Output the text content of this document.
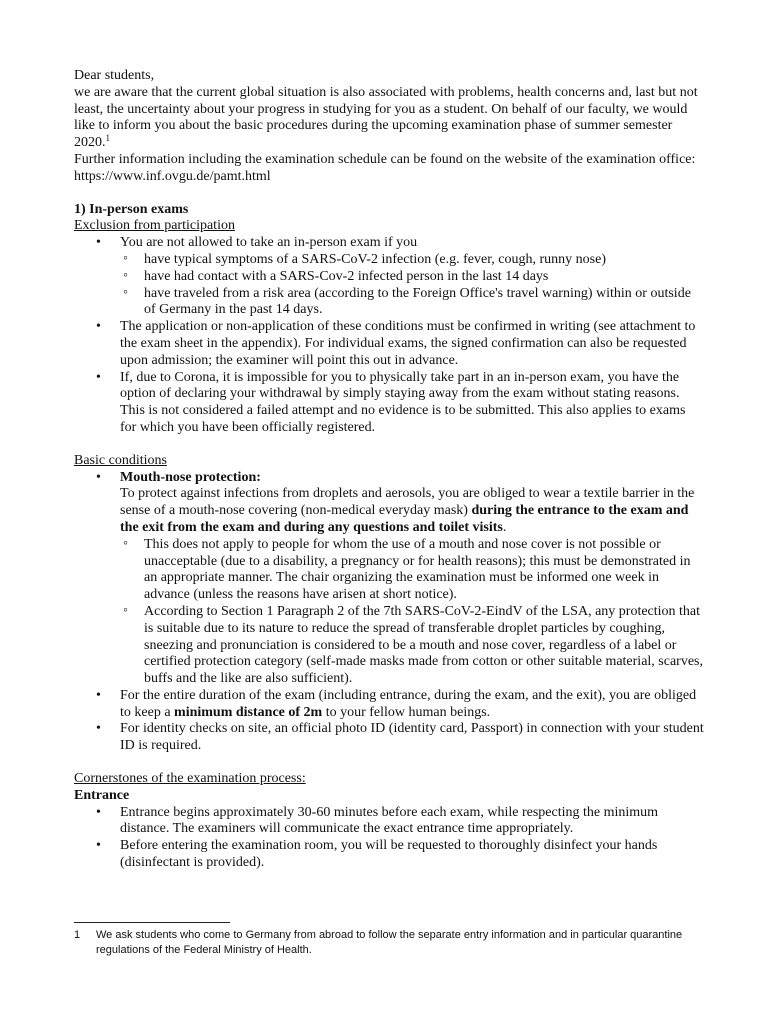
Dear students,

we are aware that the current global situation is also associated with problems, health concerns and, last but not least, the uncertainty about your progress in studying for you as a student. On behalf of our faculty, we would like to inform you about the basic procedures during the upcoming examination phase of summer semester 2020.$^1$

Further information including the examination schedule can be found on the website of the examination office: https://www.inf.ovgu.de/pamt.html

1) In-person exams

Exclusion from participation

• You are not allowed to take an in-person exam if you
◦ have typical symptoms of a SARS-CoV-2 infection (e.g. fever, cough, runny nose)
◦ have had contact with a SARS-Cov-2 infected person in the last 14 days
◦ have traveled from a risk area (according to the Foreign Office's travel warning) within or outside of Germany in the past 14 days.
• The application or non-application of these conditions must be confirmed in writing (see attachment to the exam sheet in the appendix). For individual exams, the signed confirmation can also be requested upon admission; the examiner will point this out in advance.
• If, due to Corona, it is impossible for you to physically take part in an in-person exam, you have the option of declaring your withdrawal by simply staying away from the exam without stating reasons. This is not considered a failed attempt and no evidence is to be submitted. This also applies to exams for which you have been officially registered.

Basic conditions

• Mouth-nose protection:
To protect against infections from droplets and aerosols, you are obliged to wear a textile barrier in the sense of a mouth-nose covering (non-medical everyday mask) during the entrance to the exam and the exit from the exam and during any questions and toilet visits.
◦ This does not apply to people for whom the use of a mouth and nose cover is not possible or unacceptable (due to a disability, a pregnancy or for health reasons); this must be demonstrated in an appropriate manner. The chair organizing the examination must be informed one week in advance (unless the reasons have arisen at short notice).
◦ According to Section 1 Paragraph 2 of the 7th SARS-CoV-2-EindV of the LSA, any protection that is suitable due to its nature to reduce the spread of transferable droplet particles by coughing, sneezing and pronunciation is considered to be a mouth and nose cover, regardless of a label or certified protection category (self-made masks made from cotton or other suitable material, scarves, buffs and the like are also sufficient).
• For the entire duration of the exam (including entrance, during the exam, and the exit), you are obliged to keep a minimum distance of 2m to your fellow human beings.
• For identity checks on site, an official photo ID (identity card, Passport) in connection with your student ID is required.

Cornerstones of the examination process:

Entrance

• Entrance begins approximately 30-60 minutes before each exam, while respecting the minimum distance. The examiners will communicate the exact entrance time appropriately.
• Before entering the examination room, you will be requested to thoroughly disinfect your hands (disinfectant is provided).
1	We ask students who come to Germany from abroad to follow the separate entry information and in particular quarantine regulations of the Federal Ministry of Health.
